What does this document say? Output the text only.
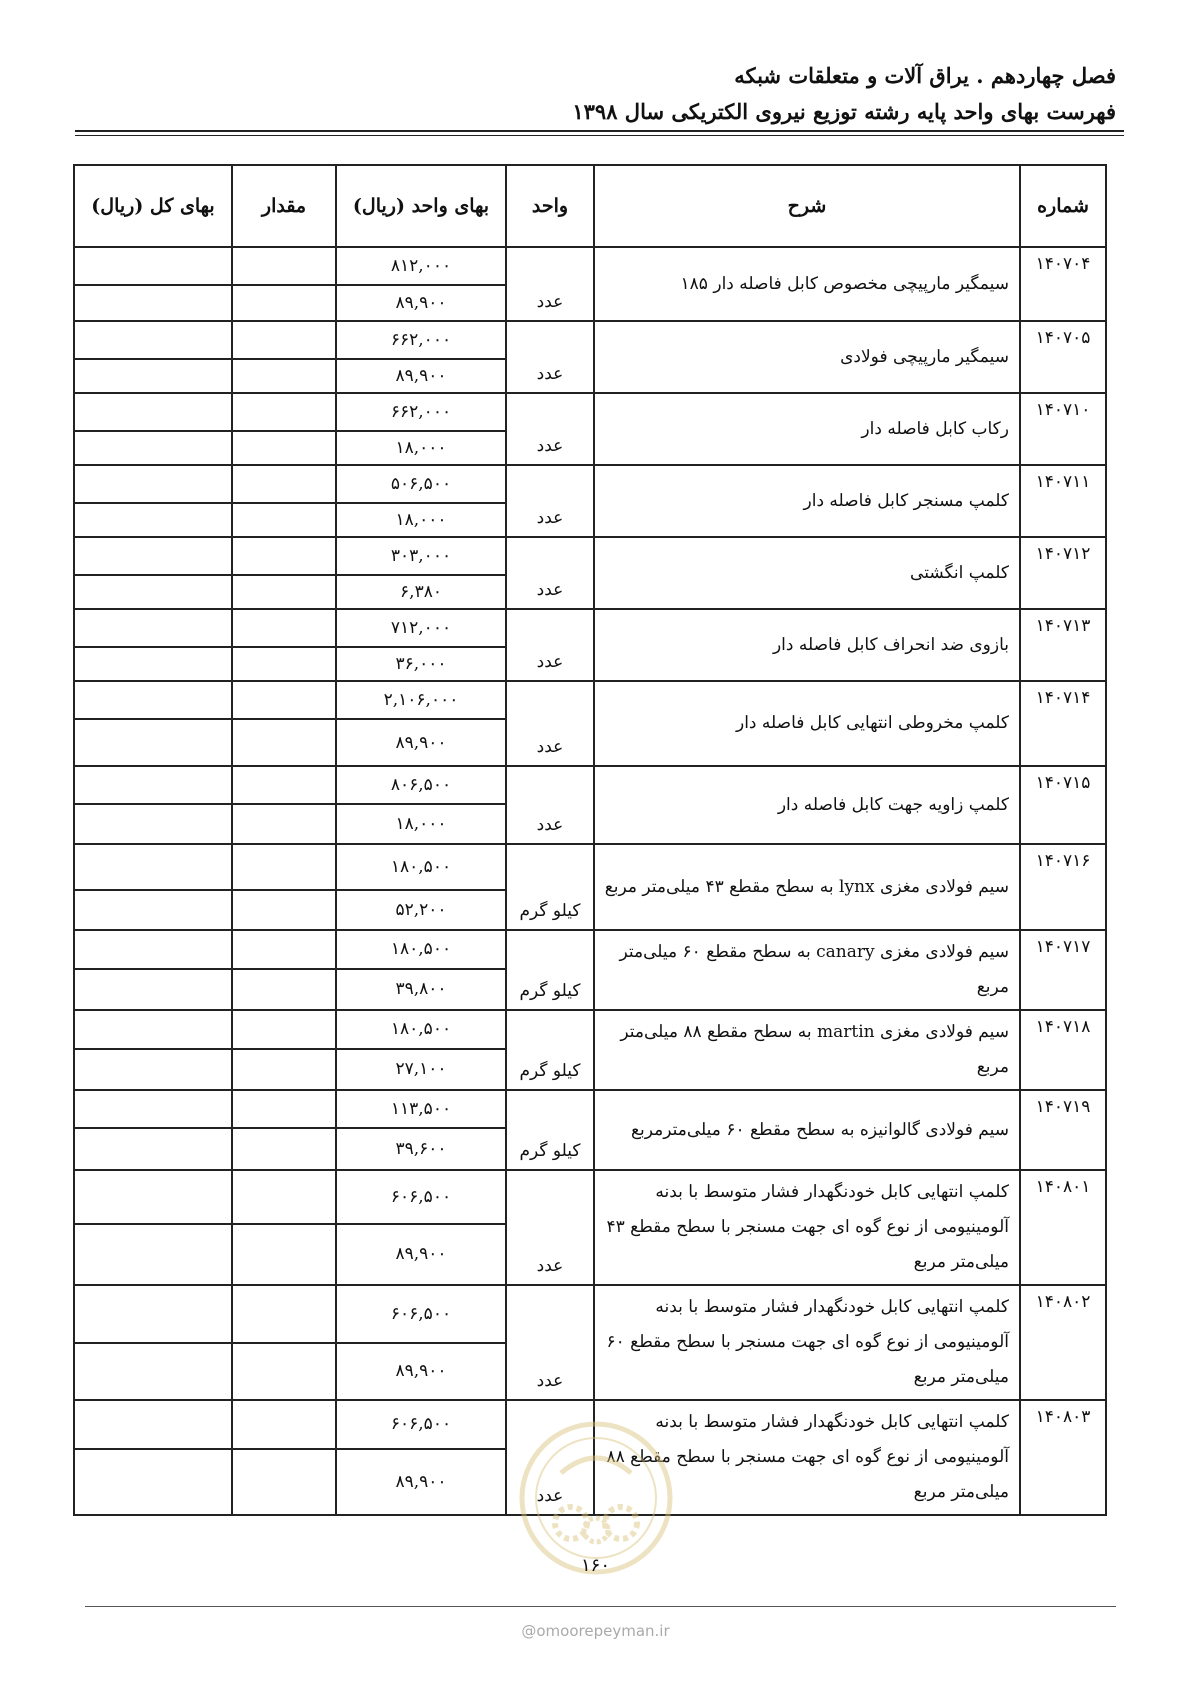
فصل چهاردهم . یراق آلات و متعلقات شبکه
فهرست بهای واحد پایه رشته توزیع نیروی الکتریکی سال ۱۳۹۸
شماره	شرح	واحد	بهای واحد (ریال)	مقدار	بهای کل (ریال)
۱۴۰۷۰۴	سیمگیر مارپیچی مخصوص کابل فاصله دار ۱۸۵	عدد	۸۱۲,۰۰۰		
			۸۹,۹۰۰		
۱۴۰۷۰۵	سیمگیر مارپیچی فولادی	عدد	۶۶۲,۰۰۰		
			۸۹,۹۰۰		
۱۴۰۷۱۰	رکاب کابل فاصله دار	عدد	۶۶۲,۰۰۰		
			۱۸,۰۰۰		
۱۴۰۷۱۱	کلمپ مسنجر کابل فاصله دار	عدد	۵۰۶,۵۰۰		
			۱۸,۰۰۰		
۱۴۰۷۱۲	کلمپ انگشتی	عدد	۳۰۳,۰۰۰		
			۶,۳۸۰		
۱۴۰۷۱۳	بازوی ضد انحراف کابل فاصله دار	عدد	۷۱۲,۰۰۰		
			۳۶,۰۰۰		
۱۴۰۷۱۴	کلمپ مخروطی انتهایی کابل فاصله دار	عدد	۲,۱۰۶,۰۰۰		
			۸۹,۹۰۰		
۱۴۰۷۱۵	کلمپ زاویه جهت کابل فاصله دار	عدد	۸۰۶,۵۰۰		
			۱۸,۰۰۰		
۱۴۰۷۱۶	سیم فولادی مغزی lynx به سطح مقطع ۴۳ میلی‌متر مربع	کیلو گرم	۱۸۰,۵۰۰		
			۵۲,۲۰۰		
۱۴۰۷۱۷	سیم فولادی مغزی canary به سطح مقطع ۶۰ میلی‌متر مربع	کیلو گرم	۱۸۰,۵۰۰		
			۳۹,۸۰۰		
۱۴۰۷۱۸	سیم فولادی مغزی martin به سطح مقطع ۸۸ میلی‌متر مربع	کیلو گرم	۱۸۰,۵۰۰		
			۲۷,۱۰۰		
۱۴۰۷۱۹	سیم فولادی گالوانیزه به سطح مقطع ۶۰ میلی‌مترمربع	کیلو گرم	۱۱۳,۵۰۰		
			۳۹,۶۰۰		
۱۴۰۸۰۱	کلمپ انتهایی کابل خودنگهدار فشار متوسط با بدنه آلومینیومی از نوع گوه ای جهت مسنجر با سطح مقطع ۴۳ میلی‌متر مربع	عدد	۶۰۶,۵۰۰		
			۸۹,۹۰۰		
۱۴۰۸۰۲	کلمپ انتهایی کابل خودنگهدار فشار متوسط با بدنه آلومینیومی از نوع گوه ای جهت مسنجر با سطح مقطع ۶۰ میلی‌متر مربع	عدد	۶۰۶,۵۰۰		
			۸۹,۹۰۰		
۱۴۰۸۰۳	کلمپ انتهایی کابل خودنگهدار فشار متوسط با بدنه آلومینیومی از نوع گوه ای جهت مسنجر با سطح مقطع ۸۸ میلی‌متر مربع	عدد	۶۰۶,۵۰۰		
			۸۹,۹۰۰		
۱۶۰
@omoorepeyman.ir
